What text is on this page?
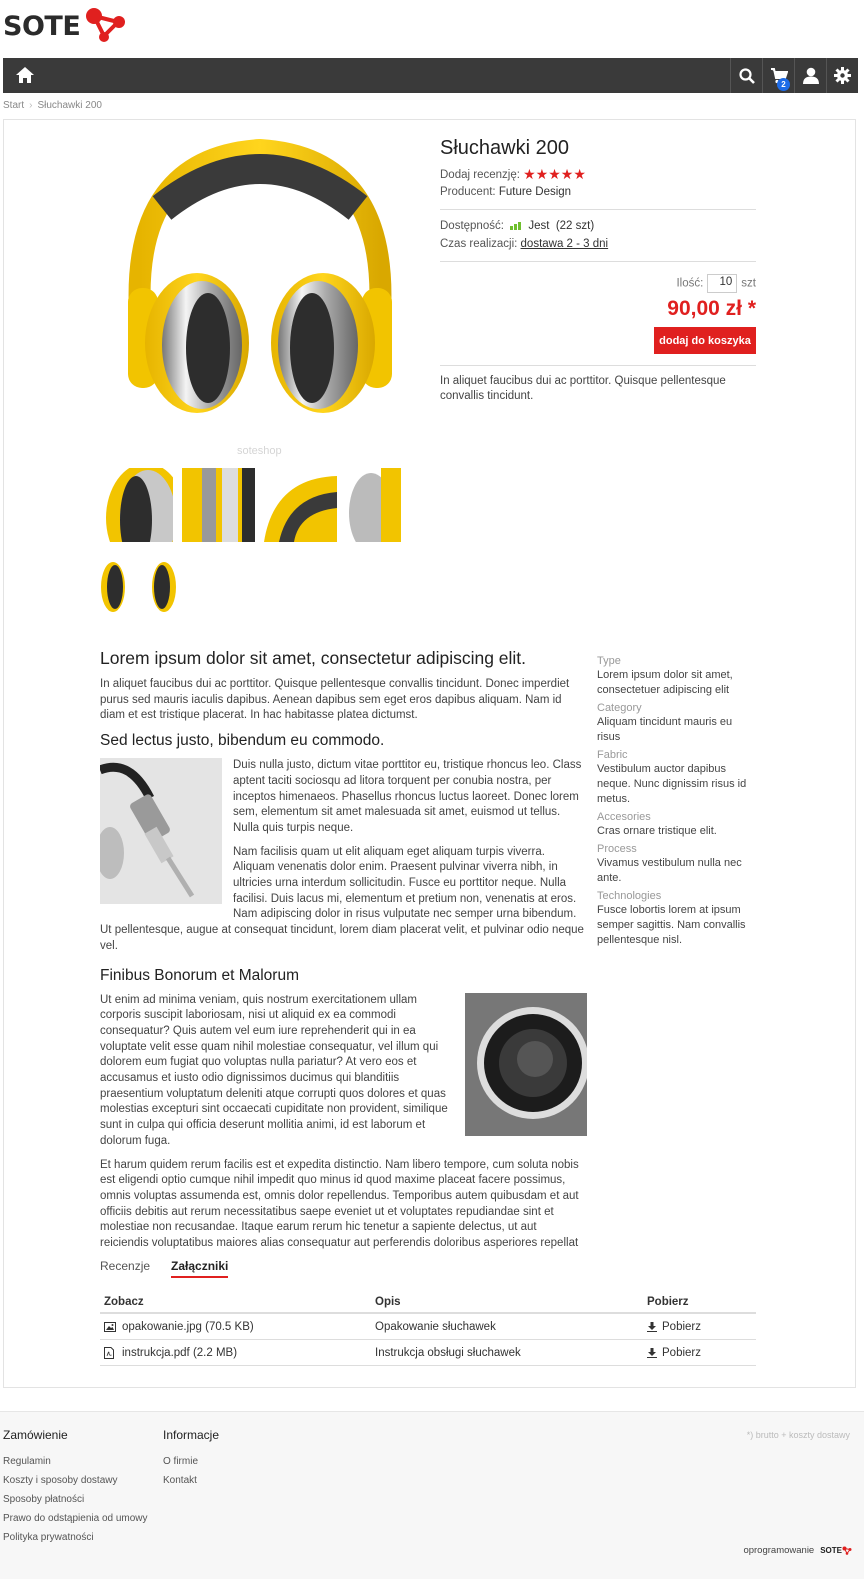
SOTE
2
Start › Słuchawki 200
soteshop
Słuchawki 200
Dodaj recenzję: ★★★★★
Producent: Future Design
Dostępność: Jest (22 szt)
Czas realizacji: dostawa 2 - 3 dni
Ilość: 10 szt
90,00 zł *
dodaj do koszyka
In aliquet faucibus dui ac porttitor. Quisque pellentesque convallis tincidunt.
Lorem ipsum dolor sit amet, consectetur adipiscing elit.

In aliquet faucibus dui ac porttitor. Quisque pellentesque convallis tincidunt. Donec imperdiet purus sed mauris iaculis dapibus. Aenean dapibus sem eget eros dapibus aliquam. Nam id diam et est tristique placerat. In hac habitasse platea dictumst.

Sed lectus justo, bibendum eu commodo.

Duis nulla justo, dictum vitae porttitor eu, tristique rhoncus leo. Class aptent taciti sociosqu ad litora torquent per conubia nostra, per inceptos himenaeos. Phasellus rhoncus luctus laoreet. Donec lorem sem, elementum sit amet malesuada sit amet, euismod ut tellus. Nulla quis turpis neque.

Nam facilisis quam ut elit aliquam eget aliquam turpis viverra. Aliquam venenatis dolor enim. Praesent pulvinar viverra nibh, in ultricies urna interdum sollicitudin. Fusce eu porttitor neque. Nulla facilisi. Duis lacus mi, elementum et pretium non, venenatis at eros. Nam adipiscing dolor in risus vulputate nec semper urna bibendum. Ut pellentesque, augue at consequat tincidunt, lorem diam placerat velit, et pulvinar odio neque vel.

Finibus Bonorum et Malorum

Ut enim ad minima veniam, quis nostrum exercitationem ullam corporis suscipit laboriosam, nisi ut aliquid ex ea commodi consequatur? Quis autem vel eum iure reprehenderit qui in ea voluptate velit esse quam nihil molestiae consequatur, vel illum qui dolorem eum fugiat quo voluptas nulla pariatur? At vero eos et accusamus et iusto odio dignissimos ducimus qui blanditiis praesentium voluptatum deleniti atque corrupti quos dolores et quas molestias excepturi sint occaecati cupiditate non provident, similique sunt in culpa qui officia deserunt mollitia animi, id est laborum et dolorum fuga.

Et harum quidem rerum facilis est et expedita distinctio. Nam libero tempore, cum soluta nobis est eligendi optio cumque nihil impedit quo minus id quod maxime placeat facere possimus, omnis voluptas assumenda est, omnis dolor repellendus. Temporibus autem quibusdam et aut officiis debitis aut rerum necessitatibus saepe eveniet ut et voluptates repudiandae sint et molestiae non recusandae. Itaque earum rerum hic tenetur a sapiente delectus, ut aut reiciendis voluptatibus maiores alias consequatur aut perferendis doloribus asperiores repellat

Type
Lorem ipsum dolor sit amet, consectetuer adipiscing elit
Category
Aliquam tincidunt mauris eu risus
Fabric
Vestibulum auctor dapibus neque. Nunc dignissim risus id metus.
Accesories
Cras ornare tristique elit.
Process
Vivamus vestibulum nulla nec ante.
Technologies
Fusce lobortis lorem at ipsum semper sagittis. Nam convallis pellentesque nisl.
Recenzje Załączniki
Zobacz	Opis	Pobierz
opakowanie.jpg (70.5 KB)	Opakowanie słuchawek	Pobierz
instrukcja.pdf (2.2 MB)	Instrukcja obsługi słuchawek	Pobierz
Zamówienie
Regulamin
Koszty i sposoby dostawy
Sposoby płatności
Prawo do odstąpienia od umowy
Polityka prywatności
Informacje
O firmie
Kontakt
*) brutto + koszty dostawy
oprogramowanie SOTE
